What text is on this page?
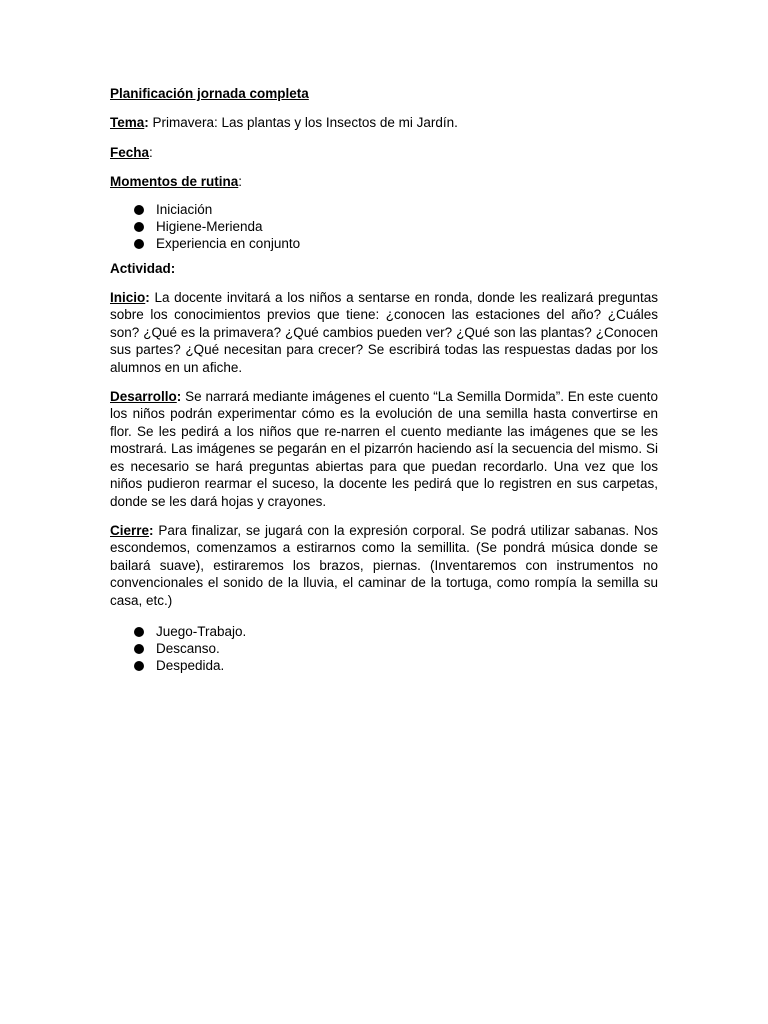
Planificación jornada completa
Tema: Primavera: Las plantas y los Insectos de mi Jardín.
Fecha:
Momentos de rutina:
Iniciación
Higiene-Merienda
Experiencia en conjunto
Actividad:

Inicio: La docente invitará a los niños a sentarse en ronda, donde les realizará preguntas sobre los conocimientos previos que tiene: ¿conocen las estaciones del año? ¿Cuáles son? ¿Qué es la primavera? ¿Qué cambios pueden ver? ¿Qué son las plantas? ¿Conocen sus partes? ¿Qué necesitan para crecer? Se escribirá todas las respuestas dadas por los alumnos en un afiche.

Desarrollo: Se narrará mediante imágenes el cuento “La Semilla Dormida”. En este cuento los niños podrán experimentar cómo es la evolución de una semilla hasta convertirse en flor. Se les pedirá a los niños que re-narren el cuento mediante las imágenes que se les mostrará. Las imágenes se pegarán en el pizarrón haciendo así la secuencia del mismo. Si es necesario se hará preguntas abiertas para que puedan recordarlo. Una vez que los niños pudieron rearmar el suceso, la docente les pedirá que lo registren en sus carpetas, donde se les dará hojas y crayones.

Cierre: Para finalizar, se jugará con la expresión corporal. Se podrá utilizar sabanas. Nos escondemos, comenzamos a estirarnos como la semillita. (Se pondrá música donde se bailará suave), estiraremos los brazos, piernas. (Inventaremos con instrumentos no convencionales el sonido de la lluvia, el caminar de la tortuga, como rompía la semilla su casa, etc.)

Juego-Trabajo.
Descanso.
Despedida.
